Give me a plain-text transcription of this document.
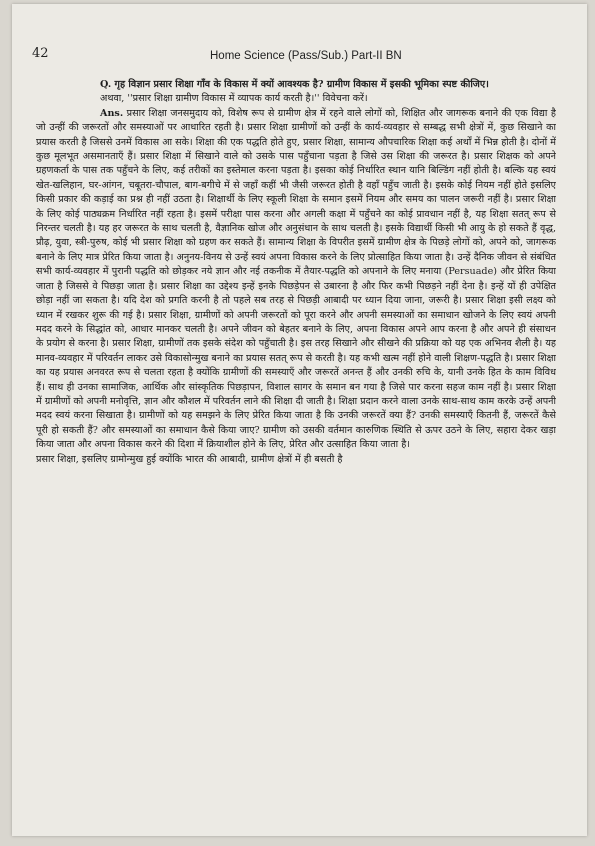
42	Home Science (Pass/Sub.) Part-II BN

Q. गृह विज्ञान प्रसार शिक्षा गाँव के विकास में क्यों आवश्यक है? ग्रामीण विकास में इसकी भूमिका स्पष्ट कीजिए।

अथवा, ''प्रसार शिक्षा ग्रामीण विकास में व्यापक कार्य करती है।'' विवेचना करें।

Ans. प्रसार शिक्षा जनसमुदाय को, विशेष रूप से ग्रामीण क्षेत्र में रहने वाले लोगों को, शिक्षित और जागरूक बनाने की एक विद्या है जो उन्हीं की जरूरतों और समस्याओं पर आधारित रहती है। प्रसार शिक्षा ग्रामीणों को उन्हीं के कार्य-व्यवहार से सम्बद्ध सभी क्षेत्रों में, कुछ सिखाने का प्रयास करती है जिससे उनमें विकास आ सके। शिक्षा की एक पद्धति होते हुए, प्रसार शिक्षा, सामान्य औपचारिक शिक्षा कई अर्थों में भिन्न होती है। दोनों में कुछ मूलभूत असमानताएँ हैं। प्रसार शिक्षा में सिखाने वाले को उसके पास पहुँचाना पड़ता है जिसे उस शिक्षा की जरूरत है। प्रसार शिक्षक को अपने ग्रहणकर्ता के पास तक पहुँचने के लिए, कई तरीकों का इस्तेमाल करना पड़ता है। इसका कोई निर्धारित स्थान यानि बिल्डिंग नहीं होती है। बल्कि यह स्वयं खेत-खलिहान, घर-आंगन, चबूतरा-चौपाल, बाग-बगीचे में से जहाँ कहीं भी जैसी जरूरत होती है वहाँ पहुँच जाती है। इसके कोई नियम नहीं होते इसलिए किसी प्रकार की कड़ाई का प्रश्न ही नहीं उठता है। शिक्षार्थी के लिए स्कूली शिक्षा के समान इसमें नियम और समय का पालन जरूरी नहीं है। प्रसार शिक्षा के लिए कोई पाठ्यक्रम निर्धारित नहीं रहता है। इसमें परीक्षा पास करना और अगली कक्षा में पहुँचने का कोई प्रावधान नहीं है, यह शिक्षा सतत् रूप से निरन्तर चलती है। यह हर जरूरत के साथ चलती है, वैज्ञानिक खोज और अनुसंधान के साथ चलती है। इसके विद्यार्थी किसी भी आयु के हो सकते हैं वृद्ध, प्रौढ़, युवा, स्त्री-पुरुष, कोई भी प्रसार शिक्षा को ग्रहण कर सकते हैं। सामान्य शिक्षा के विपरीत इसमें ग्रामीण क्षेत्र के पिछड़े लोगों को, अपने को, जागरूक बनाने के लिए मात्र प्रेरित किया जाता है। अनुनय-विनय से उन्हें स्वयं अपना विकास करने के लिए प्रोत्साहित किया जाता है। उन्हें दैनिक जीवन से संबंधित सभी कार्य-व्यवहार में पुरानी पद्धति को छोड़कर नये ज्ञान और नई तकनीक में तैयार-पद्धति को अपनाने के लिए मनाया (Persuade) और प्रेरित किया जाता है जिससे वे पिछड़ा जाता है। प्रसार शिक्षा का उद्देश्य इन्हें इनके पिछड़ेपन से उबारना है और फिर कभी पिछड़ने नहीं देना है। इन्हें यों ही उपेक्षित छोड़ा नहीं जा सकता है। यदि देश को प्रगति करनी है तो पहले सब तरह से पिछड़ी आबादी पर ध्यान दिया जाना, जरूरी है। प्रसार शिक्षा इसी लक्ष्य को ध्यान में रखकर शुरू की गई है। प्रसार शिक्षा, ग्रामीणों को अपनी जरूरतों को पूरा करने और अपनी समस्याओं का समाधान खोजने के लिए स्वयं अपनी मदद करने के सिद्धांत को, आधार मानकर चलती है। अपने जीवन को बेहतर बनाने के लिए, अपना विकास अपने आप करना है और अपने ही संसाधन के प्रयोग से करना है। प्रसार शिक्षा, ग्रामीणों तक इसके संदेश को पहुँचाती है। इस तरह सिखाने और सीखने की प्रक्रिया को यह एक अभिनव शैली है। यह मानव-व्यवहार में परिवर्तन लाकर उसे विकासोन्मुख बनाने का प्रयास सतत् रूप से करती है। यह कभी खत्म नहीं होने वाली शिक्षण-पद्धति है। प्रसार शिक्षा का यह प्रयास अनवरत रूप से चलता रहता है क्योंकि ग्रामीणों की समस्याएँ और जरूरतें अनन्त हैं और उनकी रुचि के, यानी उनके हित के काम विविध हैं। साथ ही उनका सामाजिक, आर्थिक और सांस्कृतिक पिछड़ापन, विशाल सागर के समान बन गया है जिसे पार करना सहज काम नहीं है। प्रसार शिक्षा में ग्रामीणों को अपनी मनोवृत्ति, ज्ञान और कौशल में परिवर्तन लाने की शिक्षा दी जाती है। शिक्षा प्रदान करने वाला उनके साथ-साथ काम करके उन्हें अपनी मदद स्वयं करना सिखाता है। ग्रामीणों को यह समझने के लिए प्रेरित किया जाता है कि उनकी जरूरतें क्या हैं? उनकी समस्याएँ कितनी हैं, जरूरतें कैसे पूरी हो सकती हैं? और समस्याओं का समाधान कैसे किया जाए? ग्रामीण को उसकी वर्तमान कारुणिक स्थिति से ऊपर उठने के लिए, सहारा देकर खड़ा किया जाता और अपना विकास करने की दिशा में क्रियाशील होने के लिए, प्रेरित और उत्साहित किया जाता है।

प्रसार शिक्षा, इसलिए ग्रामोन्मुख हुई क्योंकि भारत की आबादी, ग्रामीण क्षेत्रों में ही बसती है
